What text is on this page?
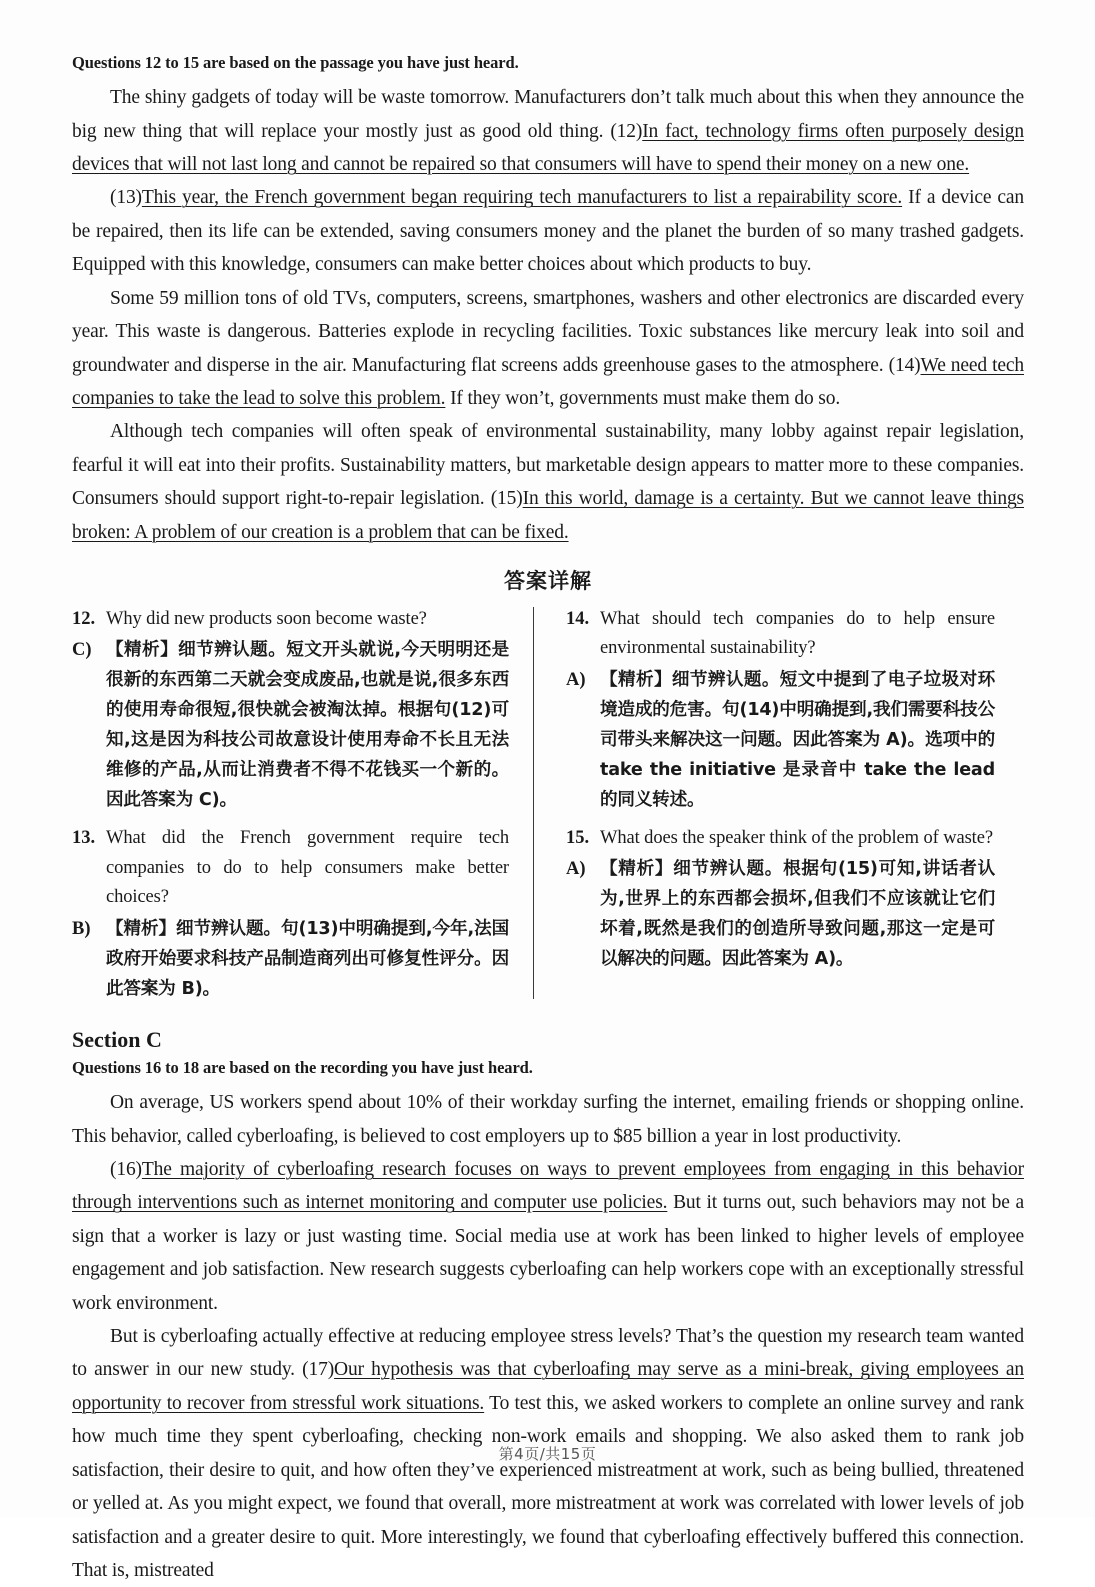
Questions 12 to 15 are based on the passage you have just heard.

The shiny gadgets of today will be waste tomorrow. Manufacturers don’t talk much about this when they announce the big new thing that will replace your mostly just as good old thing. (12)In fact, technology firms often purposely design devices that will not last long and cannot be repaired so that consumers will have to spend their money on a new one.

(13)This year, the French government began requiring tech manufacturers to list a repairability score. If a device can be repaired, then its life can be extended, saving consumers money and the planet the burden of so many trashed gadgets. Equipped with this knowledge, consumers can make better choices about which products to buy.

Some 59 million tons of old TVs, computers, screens, smartphones, washers and other electronics are discarded every year. This waste is dangerous. Batteries explode in recycling facilities. Toxic substances like mercury leak into soil and groundwater and disperse in the air. Manufacturing flat screens adds greenhouse gases to the atmosphere. (14)We need tech companies to take the lead to solve this problem. If they won’t, governments must make them do so.

Although tech companies will often speak of environmental sustainability, many lobby against repair legislation, fearful it will eat into their profits. Sustainability matters, but marketable design appears to matter more to these companies. Consumers should support right-to-repair legislation. (15)In this world, damage is a certainty. But we cannot leave things broken: A problem of our creation is a problem that can be fixed.

答案详解
12. Why did new products soon become waste?
C) 【精析】细节辨认题。短文开头就说,今天明明还是很新的东西第二天就会变成废品,也就是说,很多东西的使用寿命很短,很快就会被淘汰掉。根据句(12)可知,这是因为科技公司故意设计使用寿命不长且无法维修的产品,从而让消费者不得不花钱买一个新的。因此答案为 C)。
13. What did the French government require tech companies to do to help consumers make better choices?
B) 【精析】细节辨认题。句(13)中明确提到,今年,法国政府开始要求科技产品制造商列出可修复性评分。因此答案为 B)。
14. What should tech companies do to help ensure environmental sustainability?
A) 【精析】细节辨认题。短文中提到了电子垃圾对环境造成的危害。句(14)中明确提到,我们需要科技公司带头来解决这一问题。因此答案为 A)。选项中的 take the initiative 是录音中 take the lead 的同义转述。
15. What does the speaker think of the problem of waste?
A) 【精析】细节辨认题。根据句(15)可知,讲话者认为,世界上的东西都会损坏,但我们不应该就让它们坏着,既然是我们的创造所导致问题,那这一定是可以解决的问题。因此答案为 A)。
Section C
Questions 16 to 18 are based on the recording you have just heard.

On average, US workers spend about 10% of their workday surfing the internet, emailing friends or shopping online. This behavior, called cyberloafing, is believed to cost employers up to $85 billion a year in lost productivity.

(16)The majority of cyberloafing research focuses on ways to prevent employees from engaging in this behavior through interventions such as internet monitoring and computer use policies. But it turns out, such behaviors may not be a sign that a worker is lazy or just wasting time. Social media use at work has been linked to higher levels of employee engagement and job satisfaction. New research suggests cyberloafing can help workers cope with an exceptionally stressful work environment.

But is cyberloafing actually effective at reducing employee stress levels? That’s the question my research team wanted to answer in our new study. (17)Our hypothesis was that cyberloafing may serve as a mini-break, giving employees an opportunity to recover from stressful work situations. To test this, we asked workers to complete an online survey and rank how much time they spent cyberloafing, checking non-work emails and shopping. We also asked them to rank job satisfaction, their desire to quit, and how often they’ve experienced mistreatment at work, such as being bullied, threatened or yelled at. As you might expect, we found that overall, more mistreatment at work was correlated with lower levels of job satisfaction and a greater desire to quit. More interestingly, we found that cyberloafing effectively buffered this connection. That is, mistreated

第4页/共15页
